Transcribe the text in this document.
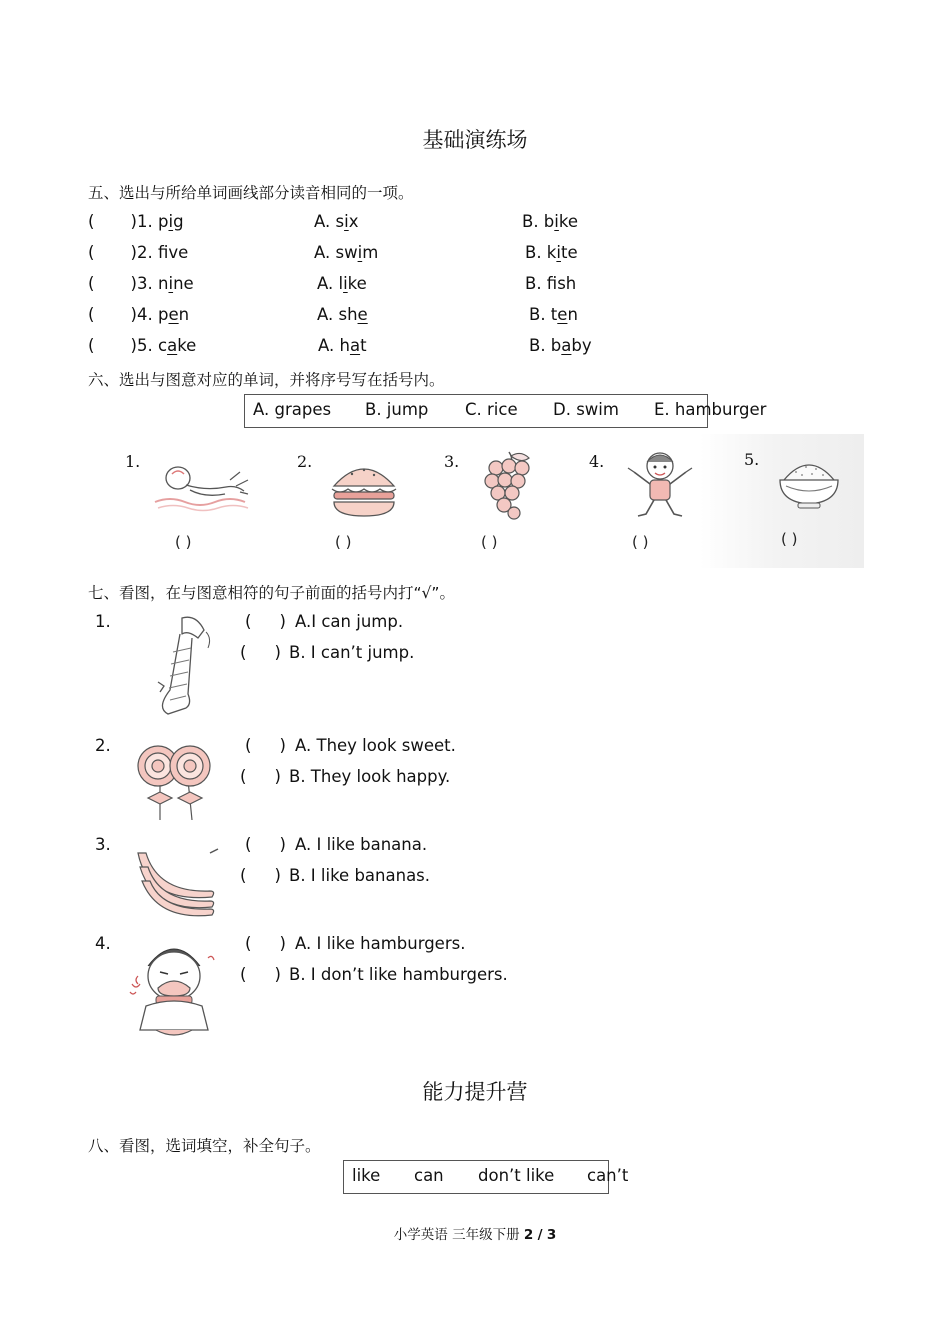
基础演练场
五、选出与所给单词画线部分读音相同的一项。
( ) 1. pig	A. six	B. bike
( ) 2. fve	A. swim	B. kite
( ) 3. nine	A. like	B. fsh
( ) 4. pen	A. she	B. ten
( ) 5. cake	A. hat	B. baby
六、选出与图意对应的单词，并将序号写在括号内。
A. grapes B. jump C. rice D. swim E. hamburger
1.
( )
2.
( )
3.
( )
4.
( )
5.
( )
七、看图，在与图意相符的句子前面的括号内打“√”。
1.	( ) A.I can jump.
( ) B. I can’t jump.
2.	( ) A. They look sweet.
( ) B. They look happy.
3.	( ) A. I like banana.
( ) B. I like bananas.
4.	( ) A. I like hamburgers.
( ) B. I don’t like hamburgers.
能力提升营
八、看图，选词填空，补全句子。
like can don’t like can’t
小学英语 三年级下册 2 / 3
